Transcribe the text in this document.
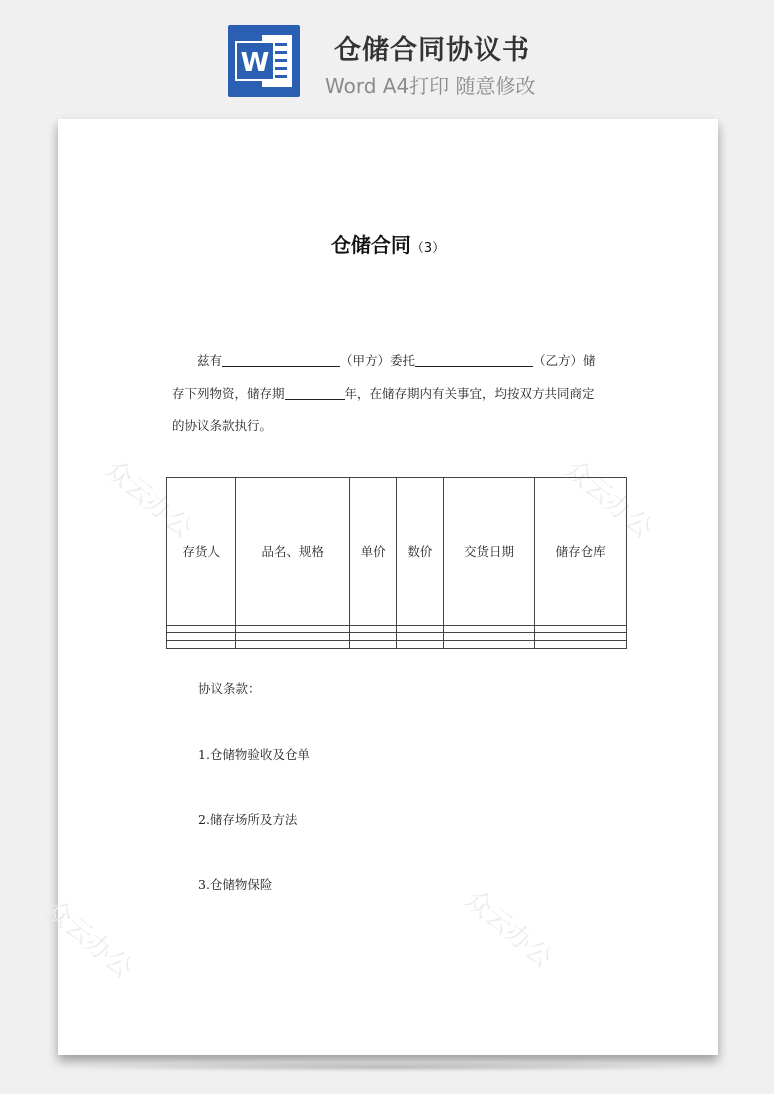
W 仓储合同协议书
Word A4打印 随意修改
众云办公	众云办公
众云办公	众云办公
仓储合同（3）
兹有	（甲方）委托	（乙方）储
存下列物资，储存期	年，在储存期内有关事宜，均按双方共同商定
的协议条款执行。
存货人	品名、规格	单价	数价	交货日期	储存仓库

协议条款：
1.仓储物验收及仓单
2.储存场所及方法
3.仓储物保险
